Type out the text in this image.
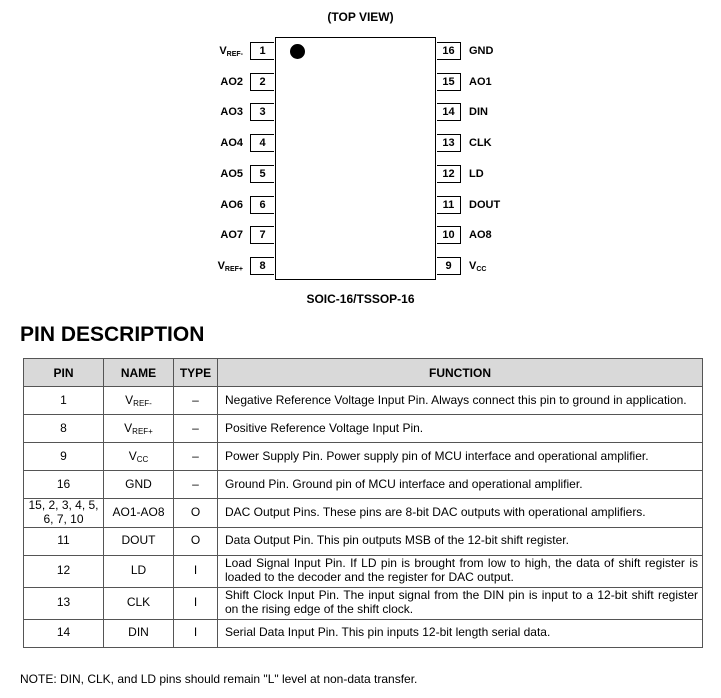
(TOP VIEW)
1
$V_{REF-}$
2
AO2
3
AO3
4
AO4
5
AO5
6
AO6
7
AO7
8
$V_{REF+}$
16	GND
15	AO1
14	DIN
13	CLK
12	LD
11	DOUT
10	AO8
9	$V_{CC}$
SOIC-16/TSSOP-16
PIN DESCRIPTION
PIN	NAME	TYPE	FUNCTION
1	$V_{REF-}$	–	Negative Reference Voltage Input Pin. Always connect this pin to ground in application.
8	$V_{REF+}$	–	Positive Reference Voltage Input Pin.
9	$V_{CC}$	–	Power Supply Pin. Power supply pin of MCU interface and operational amplifier.
16	GND	–	Ground Pin. Ground pin of MCU interface and operational amplifier.
15, 2, 3, 4, 5, 6, 7, 10	AO1-AO8	O	DAC Output Pins. These pins are 8-bit DAC outputs with operational amplifiers.
11	DOUT	O	Data Output Pin. This pin outputs MSB of the 12-bit shift register.
12	LD	I	Load Signal Input Pin. If LD pin is brought from low to high, the data of shift register is loaded to the decoder and the register for DAC output.
13	CLK	I	Shift Clock Input Pin. The input signal from the DIN pin is input to a 12-bit shift register on the rising edge of the shift clock.
14	DIN	I	Serial Data Input Pin. This pin inputs 12-bit length serial data.
NOTE: DIN, CLK, and LD pins should remain "L" level at non-data transfer.
